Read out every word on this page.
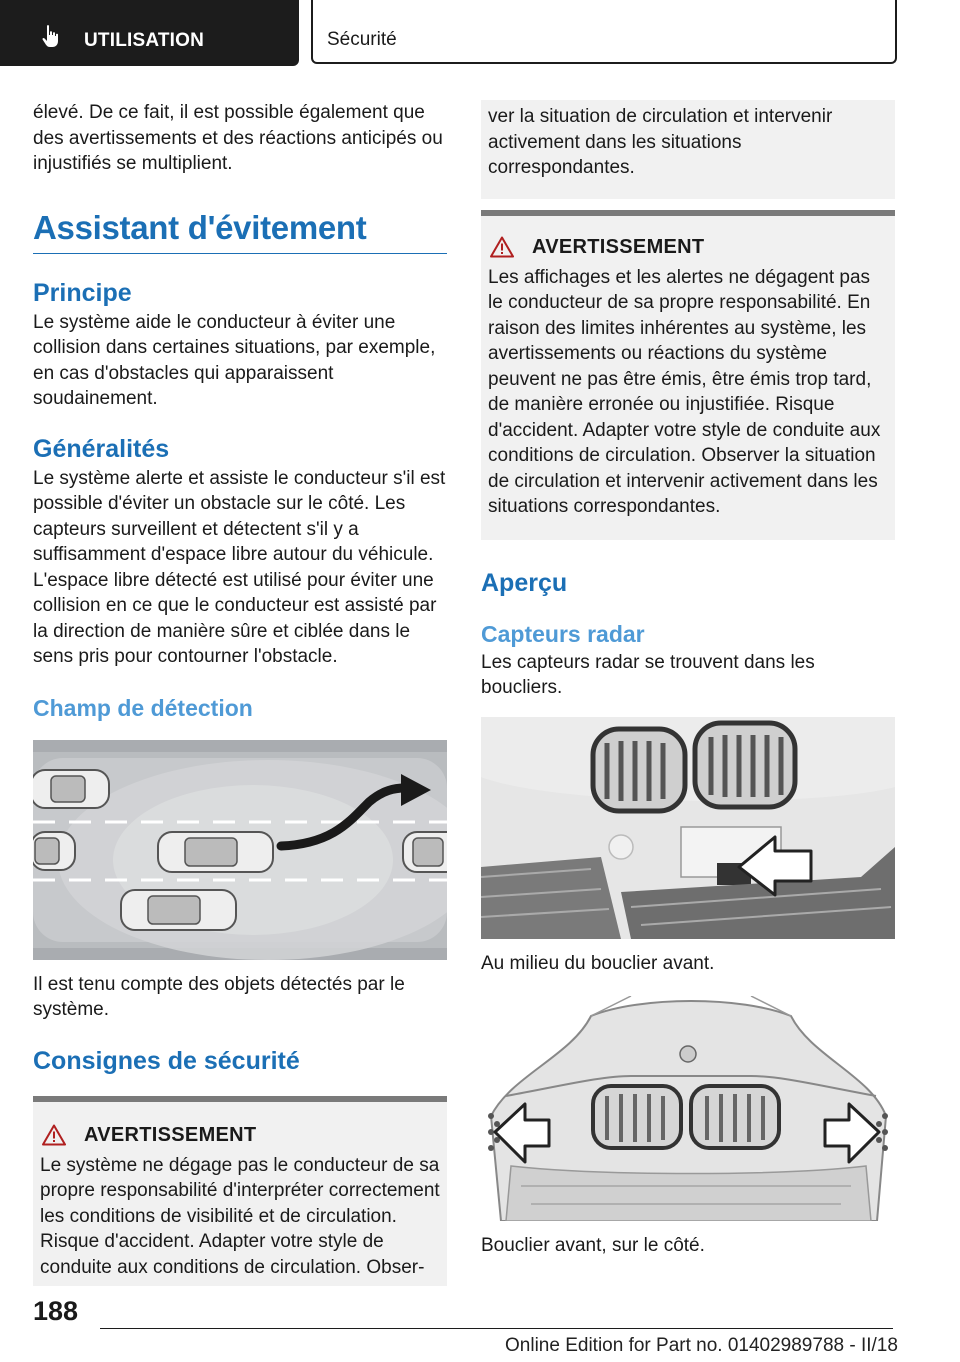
UTILISATION	Sécurité

élevé. De ce fait, il est possible également que des avertissements et des réactions anticipés ou injustifiés se multiplient.

Assistant d'évitement
Principe

Le système aide le conducteur à éviter une collision dans certaines situations, par exemple, en cas d'obstacles qui apparaissent soudainement.

Généralités

Le système alerte et assiste le conducteur s'il est possible d'éviter un obstacle sur le côté. Les capteurs surveillent et détectent s'il y a suffisamment d'espace libre autour du véhicule. L'espace libre détecté est utilisé pour éviter une collision en ce que le conducteur est assisté par la direction de manière sûre et ciblée dans le sens pris pour contourner l'obstacle.

Champ de détection

Il est tenu compte des objets détectés par le système.

Consignes de sécurité
AVERTISSEMENT

Le système ne dégage pas le conducteur de sa propre responsabilité d'interpréter correctement les conditions de visibilité et de circulation. Risque d'accident. Adapter votre style de conduite aux conditions de circulation. Obser-

ver la situation de circulation et intervenir activement dans les situations correspondantes.

AVERTISSEMENT

Les affichages et les alertes ne dégagent pas le conducteur de sa propre responsabilité. En raison des limites inhérentes au système, les avertissements ou réactions du système peuvent ne pas être émis, être émis trop tard, de manière erronée ou injustifiée. Risque d'accident. Adapter votre style de conduite aux conditions de circulation. Observer la situation de circulation et intervenir activement dans les situations correspondantes.

Aperçu
Capteurs radar

Les capteurs radar se trouvent dans les boucliers.

Au milieu du bouclier avant.

Bouclier avant, sur le côté.

188
Online Edition for Part no. 01402989788 - II/18
